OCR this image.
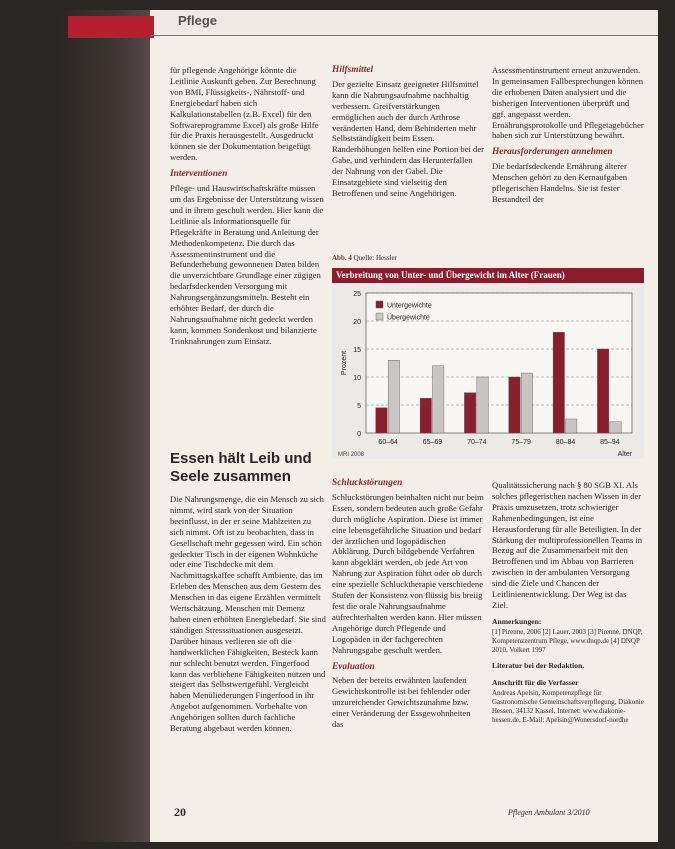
Pflege

für pflegende Angehörige könnte die Leitlinie Auskunft geben. Zur Berechnung von BMI, Flüssigkeits-, Nährstoff- und Energiebedarf haben sich Kalkulationstabellen (z.B. Excel) für den Softwareprogramme Excel) als große Hilfe für die Praxis herausgestellt. Ausgedruckt können sie der Dokumentation beigefügt werden.

Interventionen

Pflege- und Hauswirtschaftskräfte müssen um das Ergebnisse der Unterstützung wissen und in ihrem geschult werden. Hier kann die Leitlinie als Informationsquelle für Pflegekräfte in Beratung und Anleitung der Methodenkompetenz. Die durch das Assessmentinstrument und die Befunderhebung gewonnenen Daten bilden die unverzichtbare Grundlage einer zügigen bedarfsdeckenden Versorgung mit Nahrungsergänzungsmitteln. Besteht ein erhöhter Bedarf, der durch die Nahrungsaufnahme nicht gedeckt werden kann, kommen Sondenkost und bilanzierte Trinknahrungen zum Einsatz.

Essen hält Leib und Seele zusammen

Die Nahrungsmenge, die ein Mensch zu sich nimmt, wird stark von der Situation beeinflusst, in der er seine Mahlzeiten zu sich nimmt. Oft ist zu beobachten, dass in Gesellschaft mehr gegessen wird. Ein schön gedeckter Tisch in der eigenen Wohnküche oder eine Tischdecke mit dem Nachmittagskaffee schafft Ambiente, das im Erleben des Menschen aus dem Gestern des Menschen in das eigene Erzählen vermittelt Wertschätzung. Menschen mit Demenz haben einen erhöhten Energiebedarf. Sie sind ständigen Stresssituationen ausgesetzt. Darüber hinaus verlieren sie oft die handwerklichen Fähigkeiten, Besteck kann nur schlecht benutzt werden. Fingerfood kann das verbliebene Fähigkeiten nutzen und steigert das Selbstwertgefühl. Vergleicht haben Menüliederungen Fingerfood in ihr Angebot aufgenommen. Vorbehalte von Angehörigen sollten durch fachliche Beratung abgebaut werden können.

Hilfsmittel

Der gezielte Einsatz geeigneter Hilfsmittel kann die Nahrungsaufnahme nachhaltig verbessern. Greifverstärkungen ermöglichen auch der durch Arthrose veränderten Hand, dem Behinderten mehr Selbstständigkeit beim Essen. Randerhöhungen helfen eine Portion bei der Gabe, und verhindern das Herunterfallen der Nahrung von der Gabel. Die Einsatzgebiete sind vielseitig den Betroffenen und seine Angehörigen.

Schluckstörungen

Schluckstörungen beinhalten nicht nur beim Essen, sondern bedeuten auch große Gefahr durch mögliche Aspiration. Diese ist immer eine lebensgefährliche Situation und bedarf der ärztlichen und logopädischen Abklärung. Durch bildgebende Verfahren kann abgeklärt werden, ob jede Art von Nahrung zur Aspiration führt oder ob durch eine spezielle Schlucktherapie verschiedene Stufen der Konsistenz von flüssig bis breiig fest die orale Nahrungsaufnahme aufrechterhalten werden kann. Hier müssen Angehörige durch Pflegende und Logopäden in der fachgerechten Nahrungsgabe geschult werden.

Evaluation

Neben der bereits erwähnten laufenden Gewichtskontrolle ist bei fehlender oder unzureichender Gewichtszunahme bzw. einer Veränderung der Essgewohnheiten das

Assessmentinstrument erneut anzuwenden. In gemeinsamen Fallbesprechungen können die erhobenen Daten analysiert und die bisherigen Interventionen überprüft und ggf. angepasst werden. Ernährungsprotokolle und Pflegetagebücher haben sich zur Unterstützung bewährt.

Herausforderungen annehmen

Die bedarfsdeckende Ernährung älterer Menschen gehört zu den Kernaufgaben pflegerischen Handelns. Sie ist fester Bestandteil der

Qualitätssicherung nach § 80 SGB XI. Als solches pflegerischen nachen Wissen in der Praxis umzusetzen, trotz schwieriger Rahmenbedingungen, ist eine Herausforderung für alle Beteiligten. In der Stärkung der multiprofessionellen Teams in Bezug auf die Zusammenarbeit mit den Betroffenen und im Abbau von Barrieren zwischen in der ambulanten Versorgung sind die Ziele und Chancen der Leitlinienentwicklung. Der Weg ist das Ziel.

Anmerkungen:

[1] Pirenne, 2006 [2] Lauer, 2003 [3] Pirenne, DNQP, Kompetenzzentrum Pflege, www.dnqp.de [4] DNQP 2010, Volkert 1997

Literatur bei der Redaktion.

Anschrift für die Verfasser

Andreas Apelsin, Kompetenzpflege für Gastronomische Gemeinschaftsverpflegung, Diakonie Hessen, 34132 Kassel, Internet: www.diakonie-hessen.de, E-Mail: Apelsin@Wonersdorf-nordhe

Abb. 4 Quelle: Hessler
Verbreitung von Unter- und Übergewicht im Alter (Frauen)
0
5
10
15
20
25
Prozent
60–64	65–69	70–74	75–79	80–84	85–94
Untergewichte
Übergewichte
Alter
MRI 2008
20	Pflegen Ambulant 3/2010
